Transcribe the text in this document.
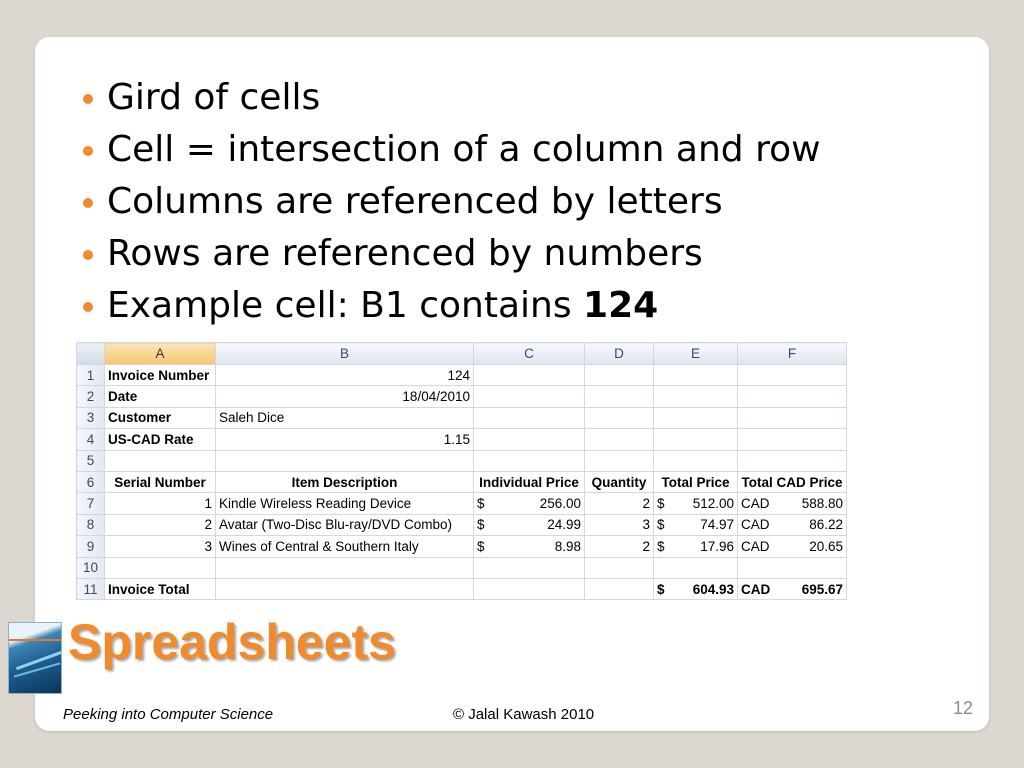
Gird of cells
Cell = intersection of a column and row
Columns are referenced by letters
Rows are referenced by numbers
Example cell: B1 contains 124
	A	B	C	D	E	F
1	Invoice Number	124				
2	Date	18/04/2010				
3	Customer	Saleh Dice				
4	US-CAD Rate	1.15				
5						
6	Serial Number	Item Description	Individual Price	Quantity	Total Price	Total CAD Price
7	1	Kindle Wireless Reading Device	$ 256.00	2	$ 512.00	CAD 588.80

8	2	Avatar (Two-Disc Blu-ray/DVD Combo)	$ 24.99	3	$ 74.97	CAD 86.22

9	3	Wines of Central & Southern Italy	$ 8.98	2	$ 17.96	CAD 20.65

10						
11	Invoice Total				$ 604.93	CAD 695.67
Spreadsheets
Peeking into Computer Science	© Jalal Kawash 2010	12
